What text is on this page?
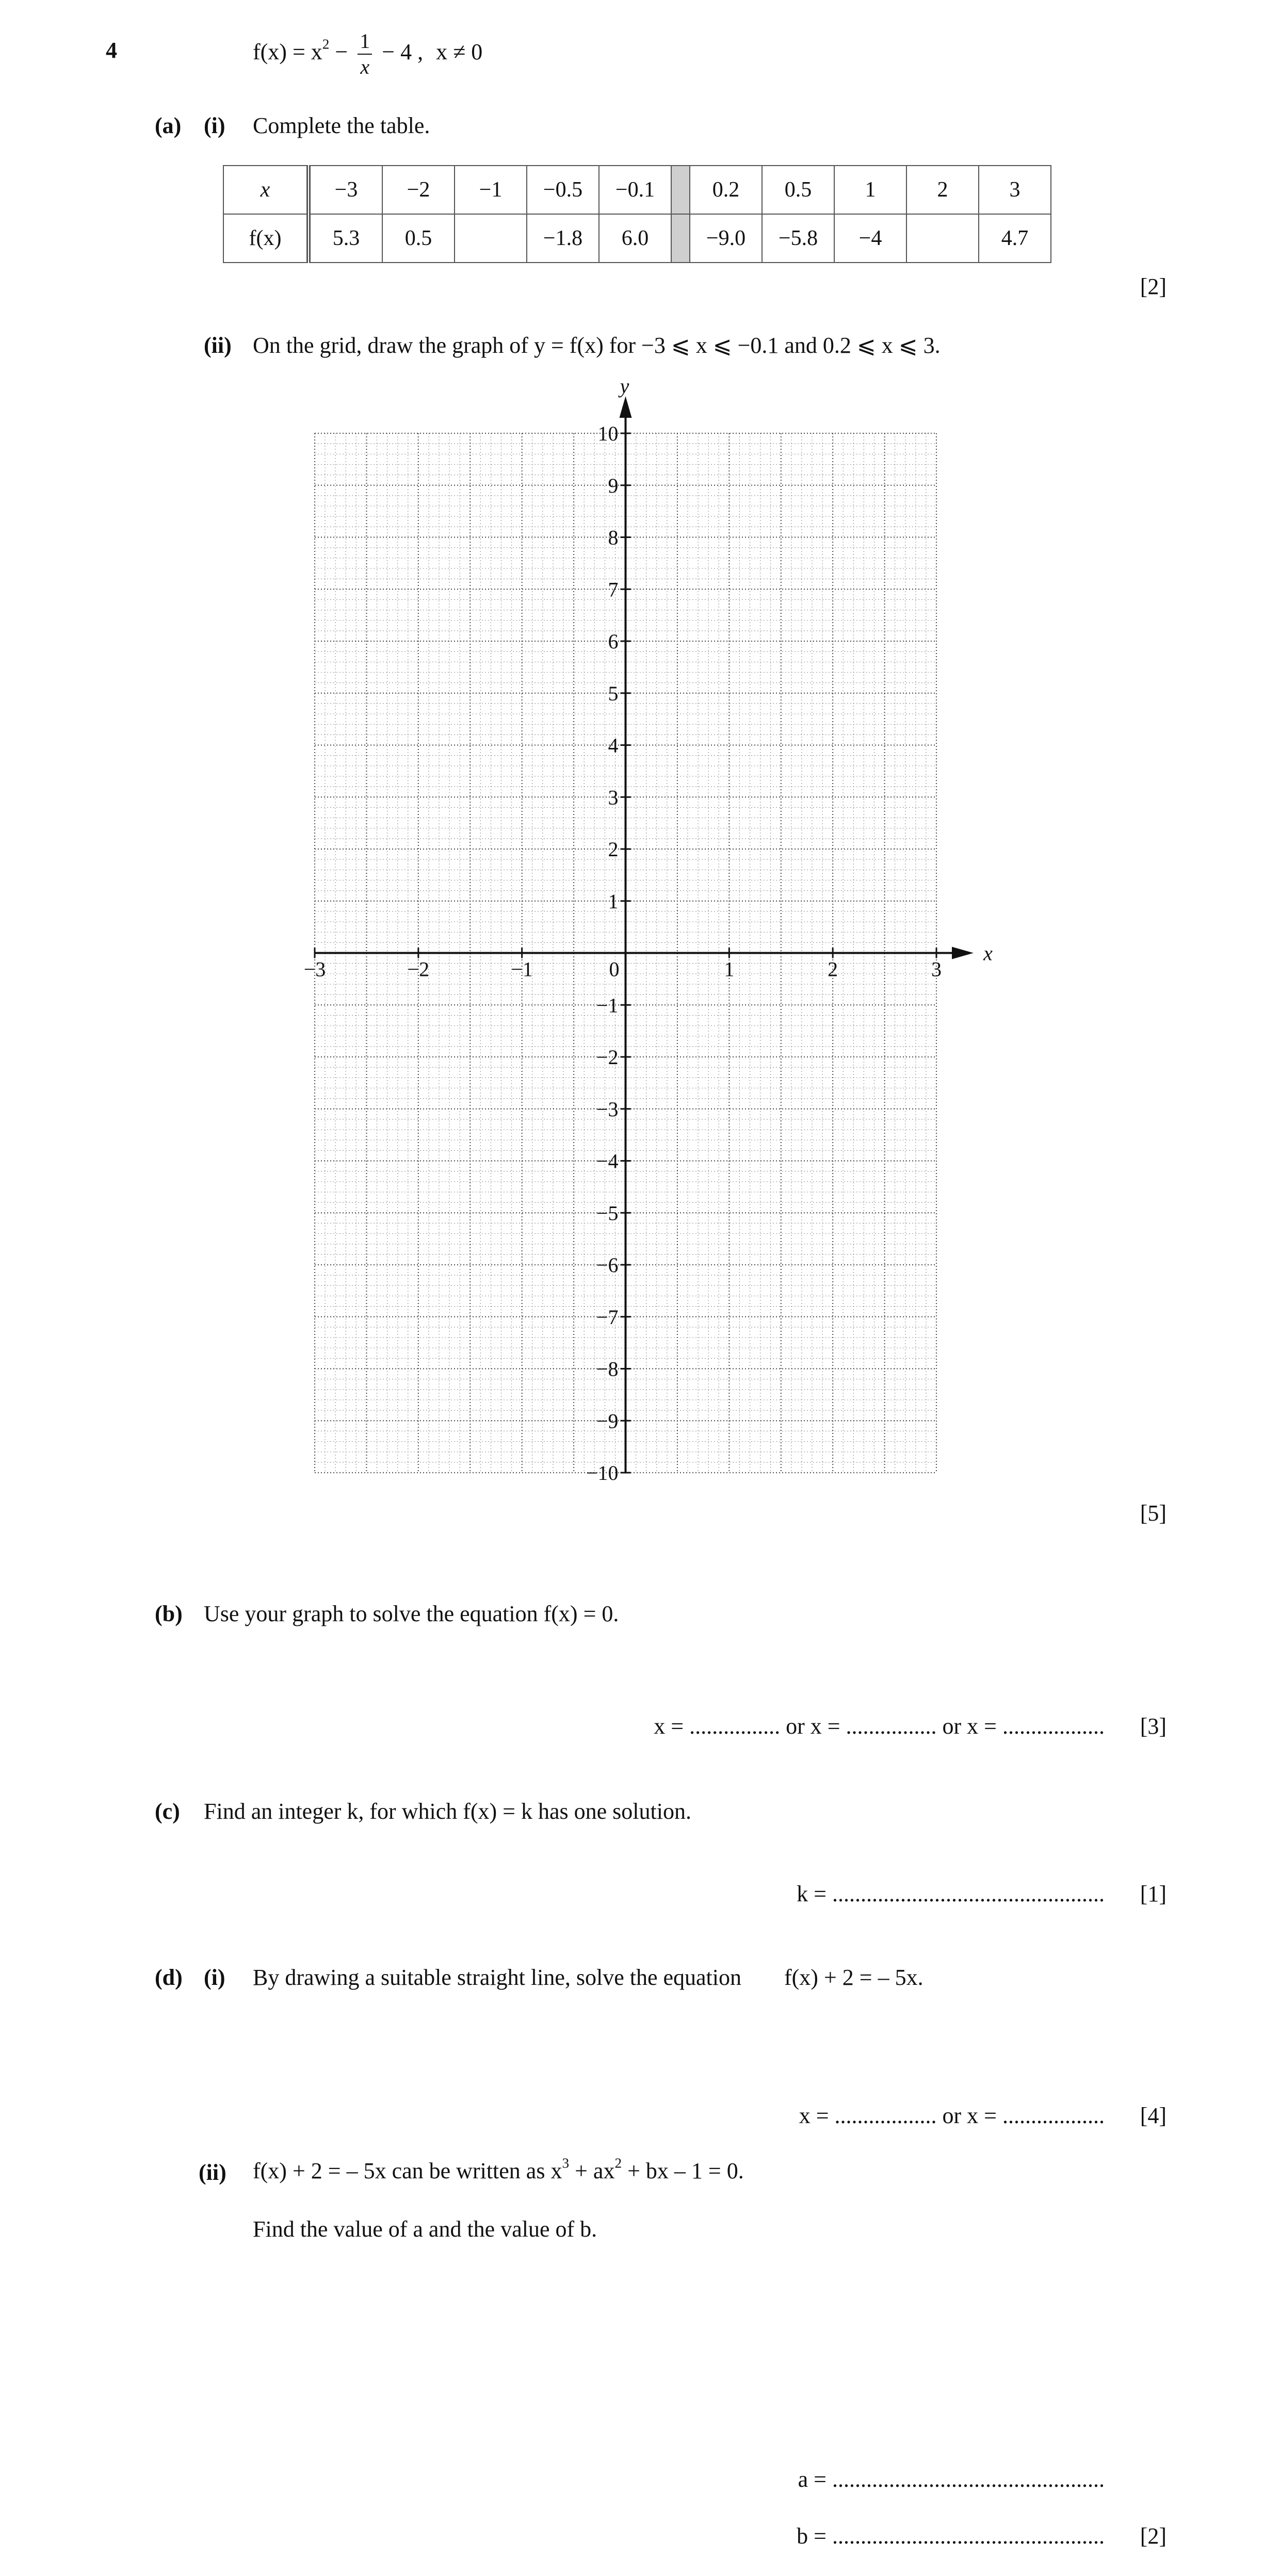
4	$f(x) = x^2 - \frac{1}{x} - 4$ , x ≠ 0
(a) (i) Complete the table.
x	−3	−2	−1	−0.5	−0.1		0.2	0.5	1	2	3
f(x)	5.3	0.5		−1.8	6.0		−9.0	−5.8	−4		4.7
[2]
(ii) On the grid, draw the graph of y = f(x) for −3 ⩽ x ⩽ −0.1 and 0.2 ⩽ x ⩽ 3.
x
y
−3	−2	−1	0	1	2	3
1
2
3
4
5
6
7
8
9
10
−1
−2
−3
−4
−5
−6
−7
−8
−9
−10
[5]
(b) Use your graph to solve the equation f(x) = 0.
x = ................ or x = ................ or x = .................. [3]
(c) Find an integer k, for which f(x) = k has one solution.
k = ................................................ [1]
(d) (i) By drawing a suitable straight line, solve the equation f(x) + 2 = – 5x.
x = .................. or x = .................. [4]
(ii) f(x) + 2 = – 5x can be written as $x^3 + ax^2$ + bx – 1 = 0.
Find the value of a and the value of b.
a = ................................................
b = ................................................ [2]
